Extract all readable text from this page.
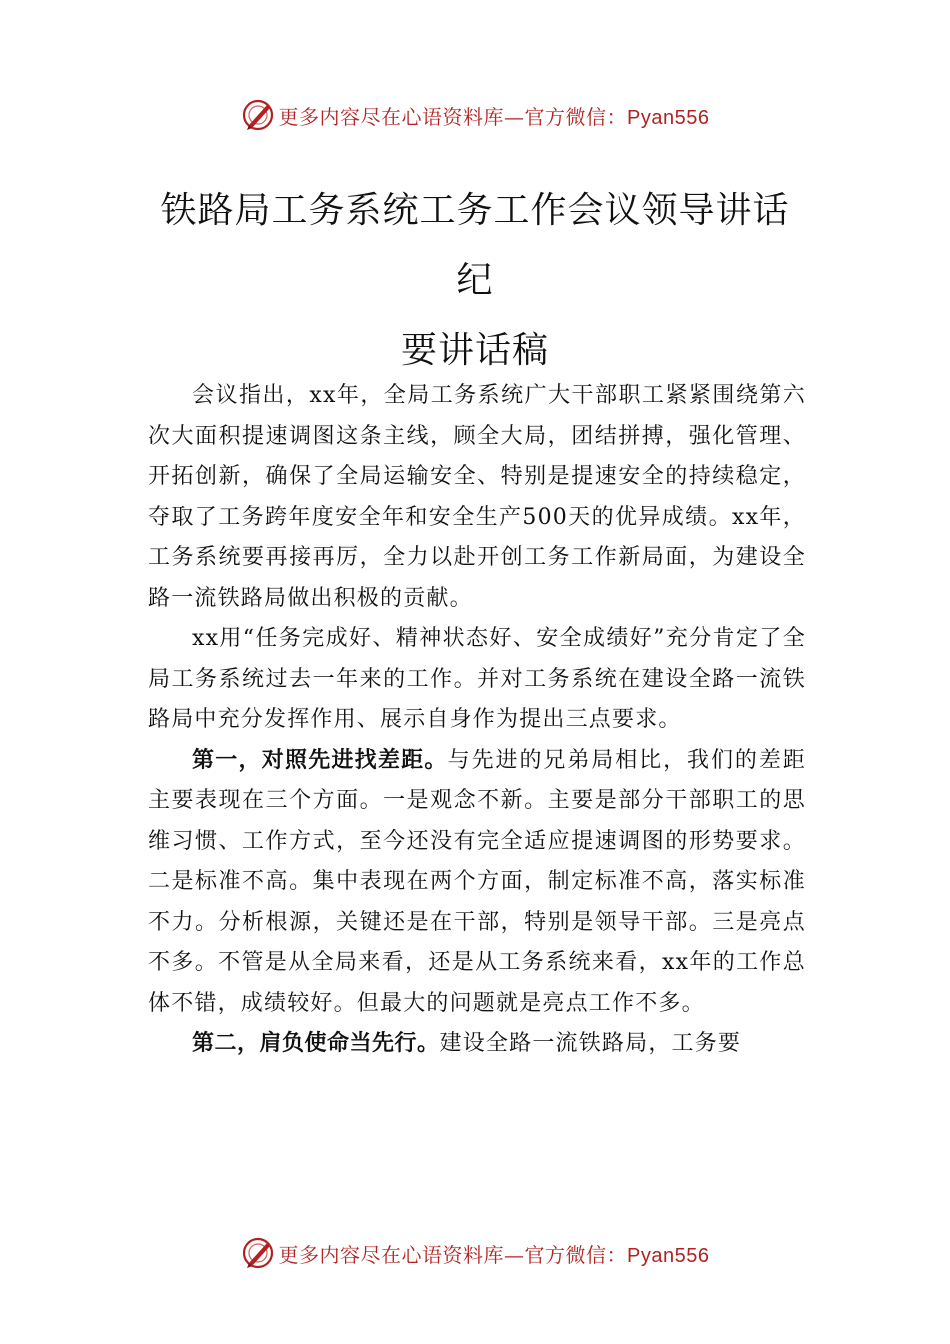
更多内容尽在心语资料库—官方微信：Pyan556
铁路局工务系统工务工作会议领导讲话纪
要讲话稿

会议指出，xx年，全局工务系统广大干部职工紧紧围绕第六次大面积提速调图这条主线，顾全大局，团结拼搏，强化管理、开拓创新，确保了全局运输安全、特别是提速安全的持续稳定，夺取了工务跨年度安全年和安全生产500天的优异成绩。xx年，工务系统要再接再厉，全力以赴开创工务工作新局面，为建设全路一流铁路局做出积极的贡献。

xx用“任务完成好、精神状态好、安全成绩好”充分肯定了全局工务系统过去一年来的工作。并对工务系统在建设全路一流铁路局中充分发挥作用、展示自身作为提出三点要求。

第一，对照先进找差距。与先进的兄弟局相比，我们的差距主要表现在三个方面。一是观念不新。主要是部分干部职工的思维习惯、工作方式，至今还没有完全适应提速调图的形势要求。二是标准不高。集中表现在两个方面，制定标准不高，落实标准不力。分析根源，关键还是在干部，特别是领导干部。三是亮点不多。不管是从全局来看，还是从工务系统来看，xx年的工作总体不错，成绩较好。但最大的问题就是亮点工作不多。

第二，肩负使命当先行。建设全路一流铁路局，工务要

更多内容尽在心语资料库—官方微信：Pyan556
